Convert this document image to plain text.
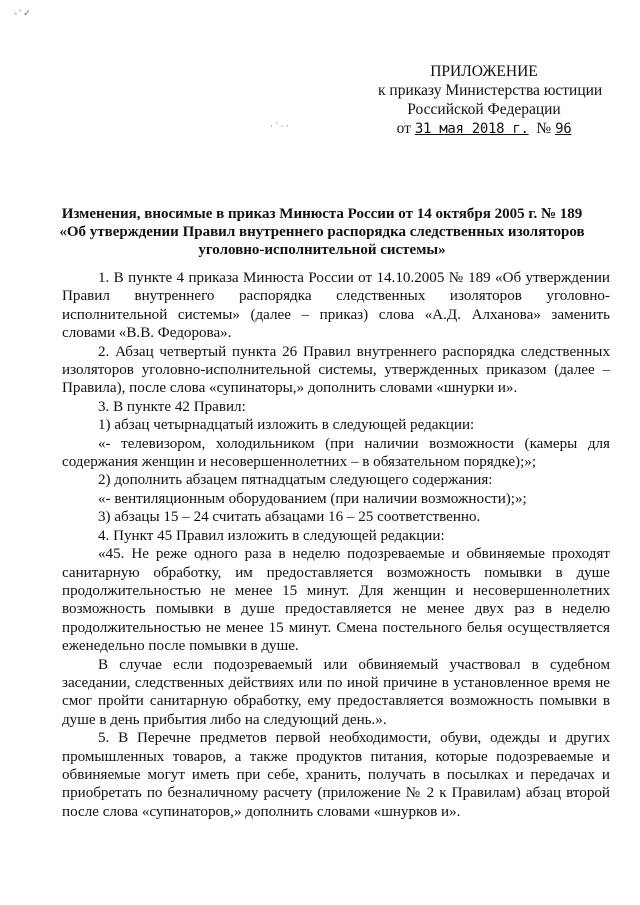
- ' ✓
· ` · ·
ПРИЛОЖЕНИЕ
к приказу Министерства юстиции
Российской Федерации
от 31 мая 2018 г. № 96
Изменения, вносимые в приказ Минюста России от 14 октября 2005 г. № 189
«Об утверждении Правил внутреннего распорядка следственных изоляторов
уголовно-исполнительной системы»

1. В пункте 4 приказа Минюста России от 14.10.2005 № 189 «Об утверждении Правил внутреннего распорядка следственных изоляторов уголовно-исполнительной системы» (далее – приказ) слова «А.Д. Алханова» заменить словами «В.В. Федорова».

2. Абзац четвертый пункта 26 Правил внутреннего распорядка следственных изоляторов уголовно-исполнительной системы, утвержденных приказом (далее – Правила), после слова «супинаторы,» дополнить словами «шнурки и».

3. В пункте 42 Правил:

1) абзац четырнадцатый изложить в следующей редакции:

«- телевизором, холодильником (при наличии возможности (камеры для содержания женщин и несовершеннолетних – в обязательном порядке);»;

2) дополнить абзацем пятнадцатым следующего содержания:

«- вентиляционным оборудованием (при наличии возможности);»;

3) абзацы 15 – 24 считать абзацами 16 – 25 соответственно.

4. Пункт 45 Правил изложить в следующей редакции:

«45. Не реже одного раза в неделю подозреваемые и обвиняемые проходят санитарную обработку, им предоставляется возможность помывки в душе продолжительностью не менее 15 минут. Для женщин и несовершеннолетних возможность помывки в душе предоставляется не менее двух раз в неделю продолжительностью не менее 15 минут. Смена постельного белья осуществляется еженедельно после помывки в душе.

В случае если подозреваемый или обвиняемый участвовал в судебном заседании, следственных действиях или по иной причине в установленное время не смог пройти санитарную обработку, ему предоставляется возможность помывки в душе в день прибытия либо на следующий день.».

5. В Перечне предметов первой необходимости, обуви, одежды и других промышленных товаров, а также продуктов питания, которые подозреваемые и обвиняемые могут иметь при себе, хранить, получать в посылках и передачах и приобретать по безналичному расчету (приложение № 2 к Правилам) абзац второй после слова «супинаторов,» дополнить словами «шнурков и».
